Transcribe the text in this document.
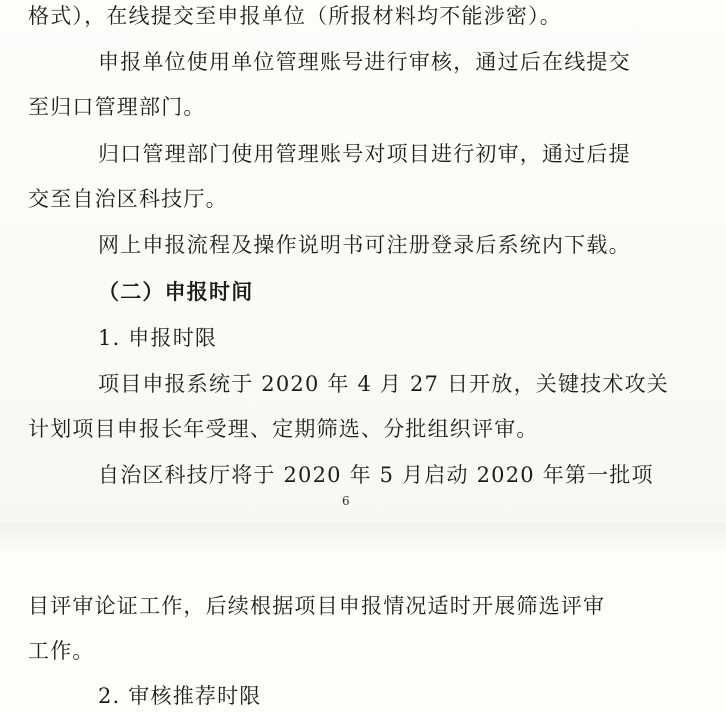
格式），在线提交至申报单位（所报材料均不能涉密）。

申报单位使用单位管理账号进行审核，通过后在线提交

至归口管理部门。

归口管理部门使用管理账号对项目进行初审，通过后提

交至自治区科技厅。

网上申报流程及操作说明书可注册登录后系统内下载。

（二）申报时间

1. 申报时限

项目申报系统于 2020 年 4 月 27 日开放，关键技术攻关

计划项目申报长年受理、定期筛选、分批组织评审。

自治区科技厅将于 2020 年 5 月启动 2020 年第一批项

6

目评审论证工作，后续根据项目申报情况适时开展筛选评审

工作。

2. 审核推荐时限
